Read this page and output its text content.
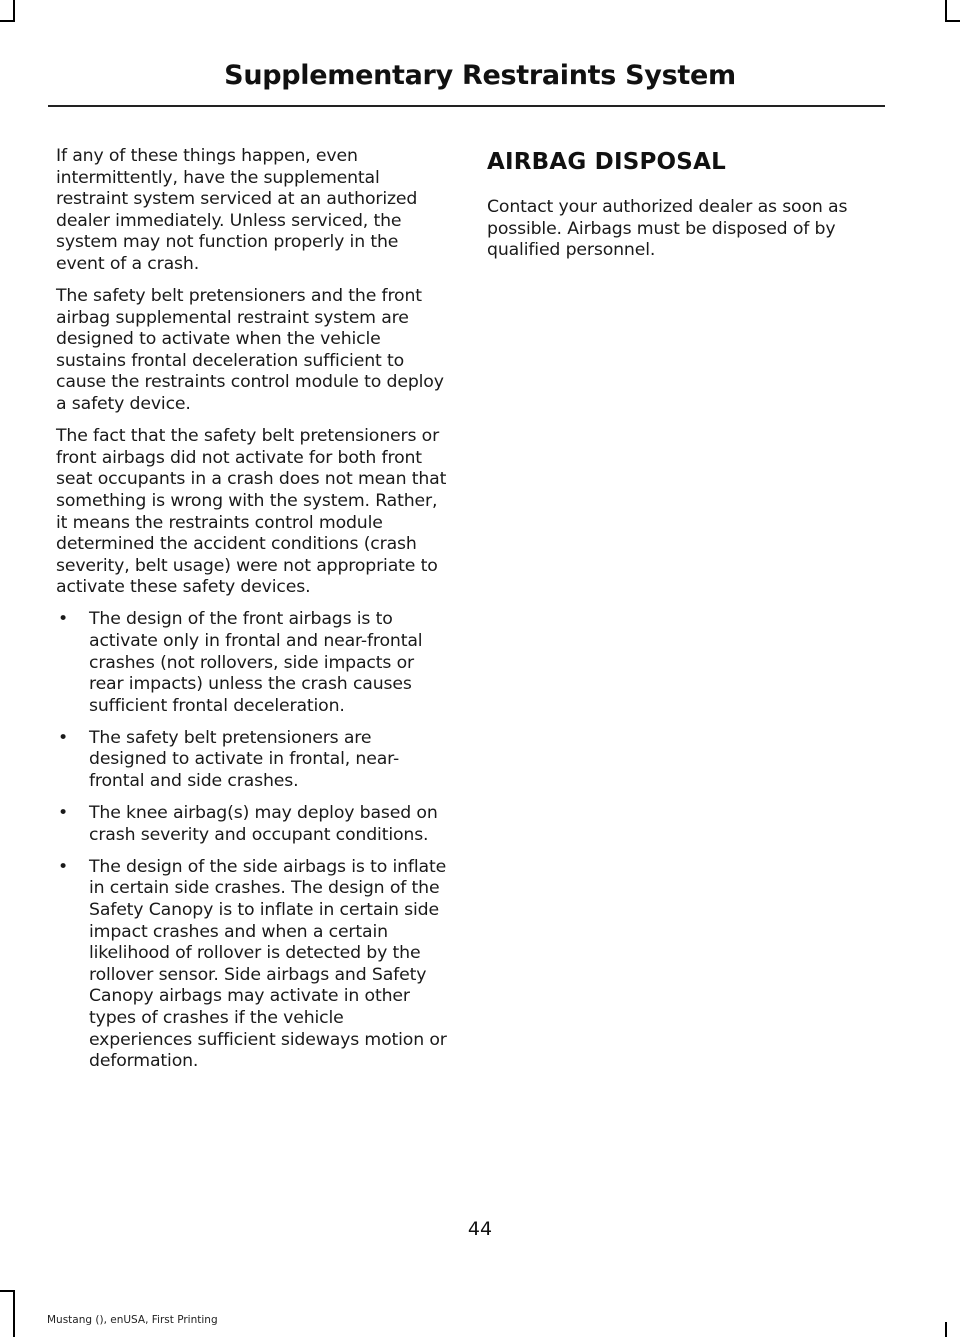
Supplementary Restraints System

If any of these things happen, even intermittently, have the supplemental restraint system serviced at an authorized dealer immediately. Unless serviced, the system may not function properly in the event of a crash.

The safety belt pretensioners and the front airbag supplemental restraint system are designed to activate when the vehicle sustains frontal deceleration sufficient to cause the restraints control module to deploy a safety device.

The fact that the safety belt pretensioners or front airbags did not activate for both front seat occupants in a crash does not mean that something is wrong with the system. Rather, it means the restraints control module determined the accident conditions (crash severity, belt usage) were not appropriate to activate these safety devices.

• The design of the front airbags is to activate only in frontal and near-frontal crashes (not rollovers, side impacts or rear impacts) unless the crash causes sufficient frontal deceleration.
• The safety belt pretensioners are designed to activate in frontal, near-frontal and side crashes.
• The knee airbag(s) may deploy based on crash severity and occupant conditions.
• The design of the side airbags is to inflate in certain side crashes. The design of the Safety Canopy is to inflate in certain side impact crashes and when a certain likelihood of rollover is detected by the rollover sensor. Side airbags and Safety Canopy airbags may activate in other types of crashes if the vehicle experiences sufficient sideways motion or deformation.
AIRBAG DISPOSAL

Contact your authorized dealer as soon as possible. Airbags must be disposed of by qualified personnel.

44
Mustang (), enUSA, First Printing
